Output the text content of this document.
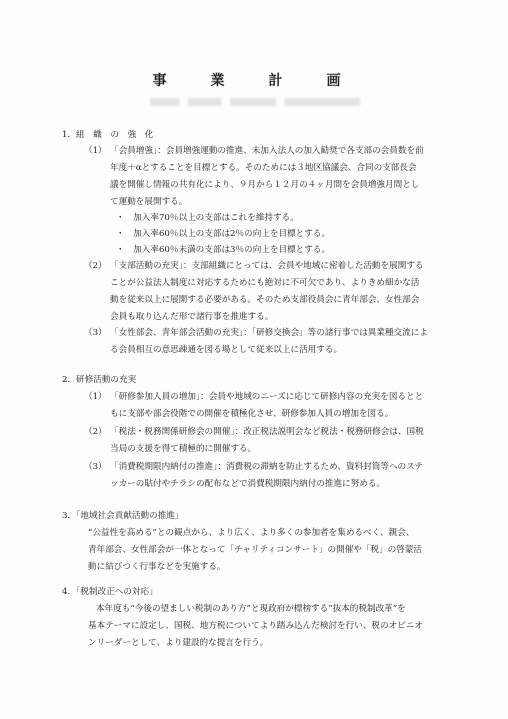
事　業　計　画
1．組　織　の　強　化
（1） 「会員増強」：会員増強運動の推進、未加入法人の加入勧奨で各支部の会員数を前
年度＋αとすることを目標とする。そのためには３地区協議会、合同の支部長会
議を開催し情報の共有化により、９月から１２月の４ヶ月間を会員増強月間とし
て運動を展開する。
・　加入率70％以上の支部はこれを維持する。
・　加入率60％以上の支部は2％の向上を目標とする。
・　加入率60％未満の支部は3％の向上を目標とする。
（2） 「支部活動の充実」：支部組織にとっては、会員や地域に密着した活動を展開する
ことが公益法人制度に対応するためにも絶対に不可欠であり、よりきめ細かな活
動を従来以上に展開する必要がある。そのため支部役員会に青年部会、女性部会
会員も取り込んだ形で諸行事を推進する。
（3） 「女性部会、青年部会活動の充実」：「研修交換会」等の諸行事では異業種交流によ
る会員相互の意思疎通を図る場として従来以上に活用する。
2．研修活動の充実
（1） 「研修参加人員の増加」：会員や地域のニーズに応じて研修内容の充実を図るとと
もに支部や部会役階での開催を積極化させ、研修参加人員の増加を図る。
（2） 「税法・税務関係研修会の開催」：改正税法説明会など税法・税務研修会は、国税
当局の支援を得て積極的に開催する。
（3） 「消費税期限内納付の推進」：消費税の滞納を防止するため、資料封筒等へのステ
ッカーの貼付やチラシの配布などで消費税期限内納付の推進に努める。
3．「地域社会貢献活動の推進」
“公益性を高める”との観点から、より広く、より多くの参加者を集めるべく、親会、
青年部会、女性部会が一体となって「チャリティコンサート」の開催や「税」の啓蒙活
動に結びつく行事などを実施する。
4．「税制改正への対応」
本年度も“今後の望ましい税制のあり方”と現政府が標榜する“抜本的税制改革”を
基本テーマに設定し、国税、地方税についてより踏み込んだ検討を行い、税のオピニオ
ンリーダーとして、より建設的な提言を行う。
